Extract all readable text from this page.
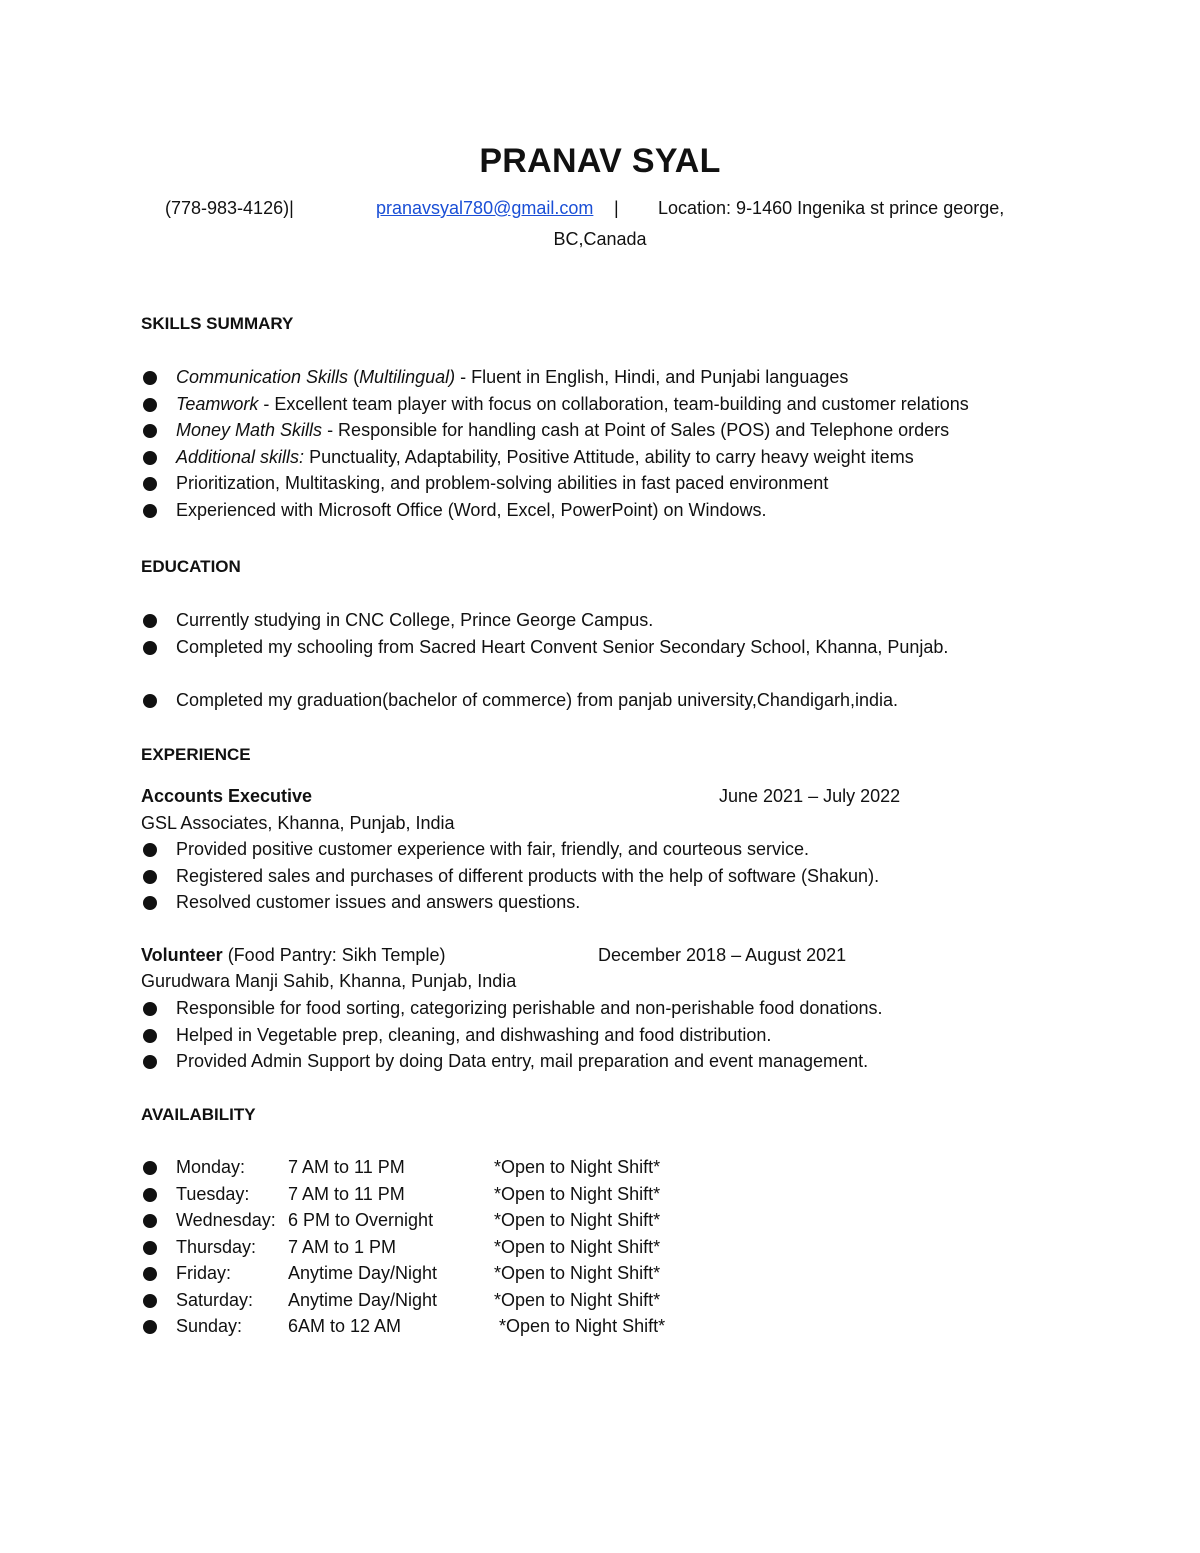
PRANAV SYAL
(778-983-4126)|	pranavsyal780@gmail.com | Location: 9-1460 Ingenika st prince george,
BC,Canada
SKILLS SUMMARY
Communication Skills (Multilingual) - Fluent in English, Hindi, and Punjabi languages
Teamwork - Excellent team player with focus on collaboration, team-building and customer relations
Money Math Skills - Responsible for handling cash at Point of Sales (POS) and Telephone orders
Additional skills: Punctuality, Adaptability, Positive Attitude, ability to carry heavy weight items
Prioritization, Multitasking, and problem-solving abilities in fast paced environment
Experienced with Microsoft Office (Word, Excel, PowerPoint) on Windows.
EDUCATION
Currently studying in CNC College, Prince George Campus.
Completed my schooling from Sacred Heart Convent Senior Secondary School, Khanna, Punjab.
Completed my graduation(bachelor of commerce) from panjab university,Chandigarh,india.
EXPERIENCE
Accounts Executive	June 2021 – July 2022
GSL Associates, Khanna, Punjab, India
Provided positive customer experience with fair, friendly, and courteous service.
Registered sales and purchases of different products with the help of software (Shakun).
Resolved customer issues and answers questions.
Volunteer (Food Pantry: Sikh Temple)	December 2018 – August 2021
Gurudwara Manji Sahib, Khanna, Punjab, India
Responsible for food sorting, categorizing perishable and non-perishable food donations.
Helped in Vegetable prep, cleaning, and dishwashing and food distribution.
Provided Admin Support by doing Data entry, mail preparation and event management.
AVAILABILITY
Monday: 7 AM to 11 PM	*Open to Night Shift*
Tuesday: 7 AM to 11 PM	*Open to Night Shift*
Wednesday: 6 PM to Overnight	*Open to Night Shift*
Thursday: 7 AM to 1 PM	*Open to Night Shift*
Friday:	Anytime Day/Night	*Open to Night Shift*
Saturday: Anytime Day/Night	*Open to Night Shift*
Sunday:	6AM to 12 AM	*Open to Night Shift*
